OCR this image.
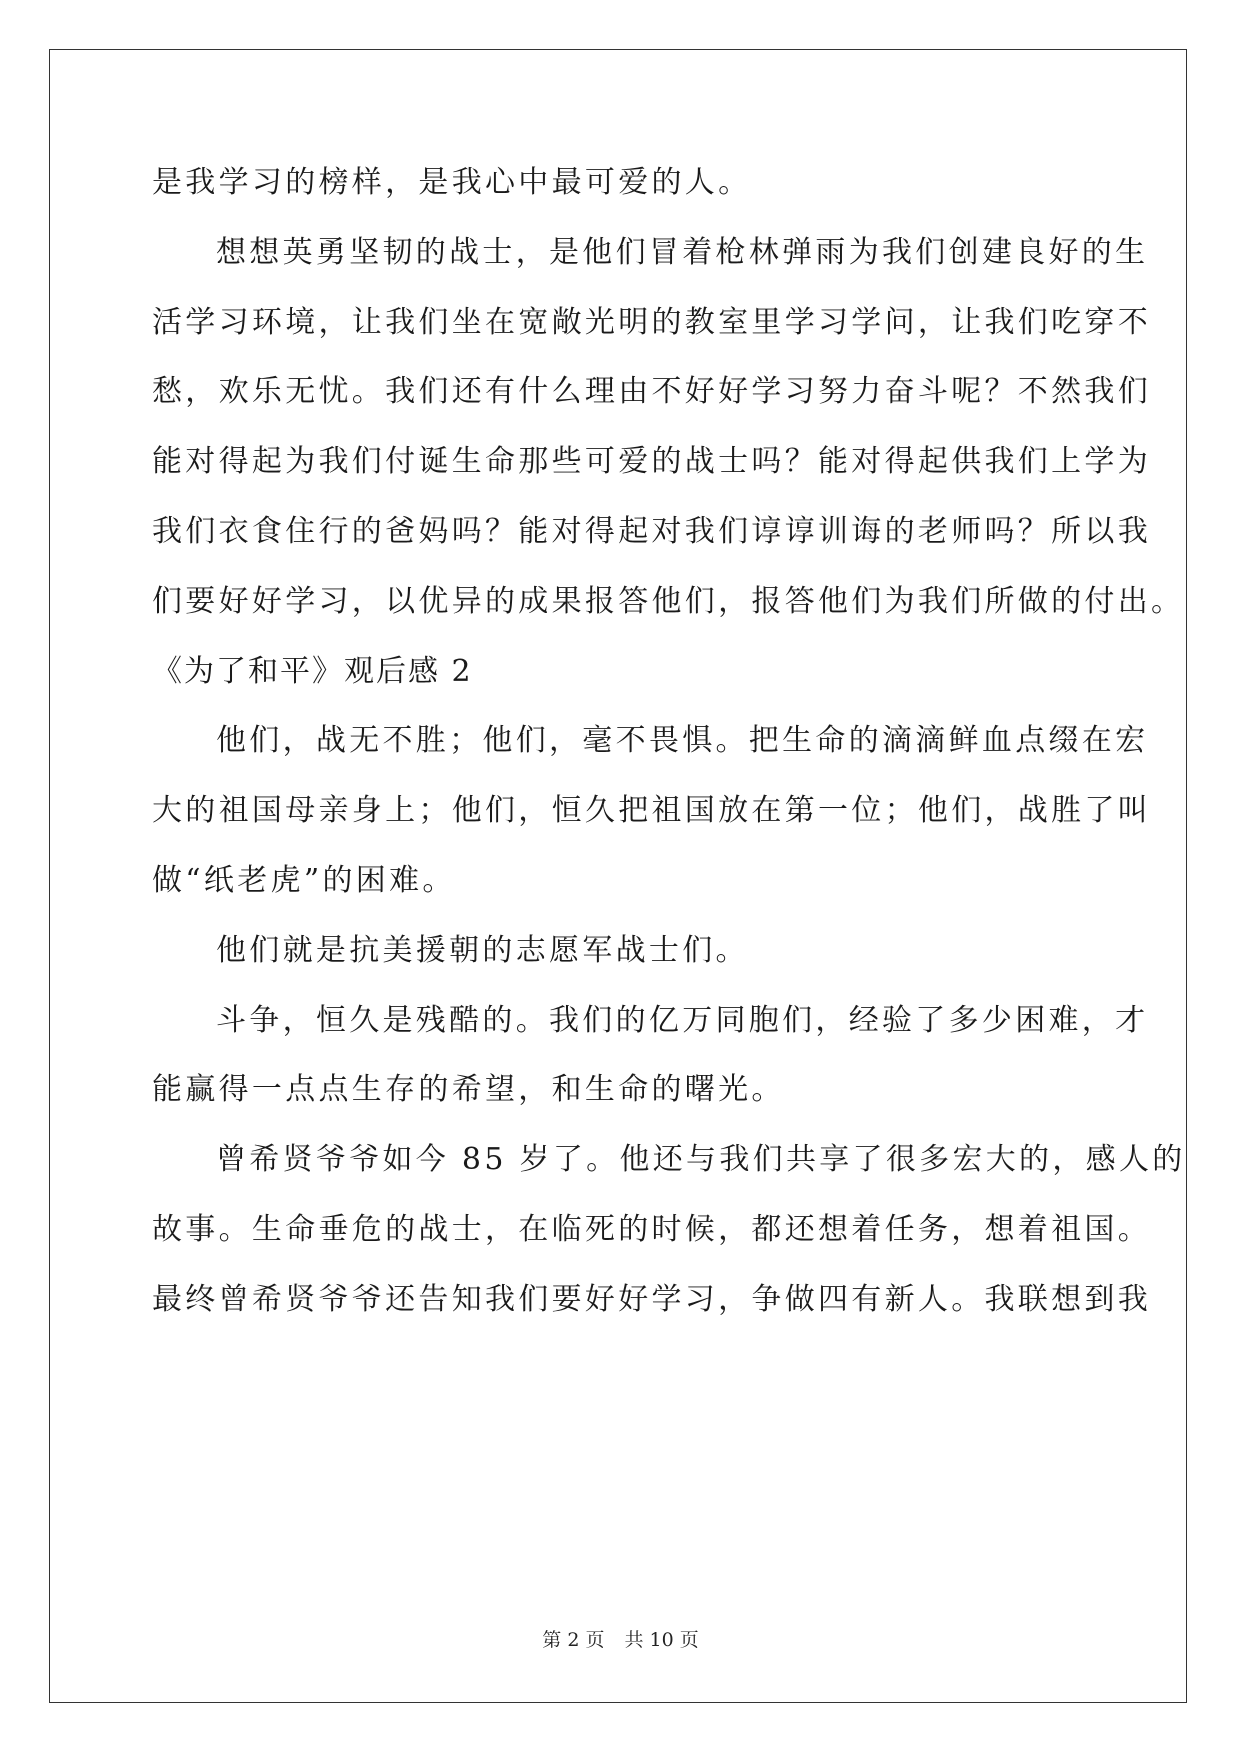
是我学习的榜样，是我心中最可爱的人。
想想英勇坚韧的战士，是他们冒着枪林弹雨为我们创建良好的生
活学习环境，让我们坐在宽敞光明的教室里学习学问，让我们吃穿不
愁，欢乐无忧。我们还有什么理由不好好学习努力奋斗呢？不然我们
能对得起为我们付诞生命那些可爱的战士吗？能对得起供我们上学为
我们衣食住行的爸妈吗？能对得起对我们谆谆训诲的老师吗？所以我
们要好好学习，以优异的成果报答他们，报答他们为我们所做的付出。
《为了和平》观后感 2
他们，战无不胜；他们，毫不畏惧。把生命的滴滴鲜血点缀在宏
大的祖国母亲身上；他们，恒久把祖国放在第一位；他们，战胜了叫
做“纸老虎”的困难。
他们就是抗美援朝的志愿军战士们。
斗争，恒久是残酷的。我们的亿万同胞们，经验了多少困难，才
能赢得一点点生存的希望，和生命的曙光。
曾希贤爷爷如今 85 岁了。他还与我们共享了很多宏大的，感人的
故事。生命垂危的战士，在临死的时候，都还想着任务，想着祖国。
最终曾希贤爷爷还告知我们要好好学习，争做四有新人。我联想到我
第 2 页 共 10 页
